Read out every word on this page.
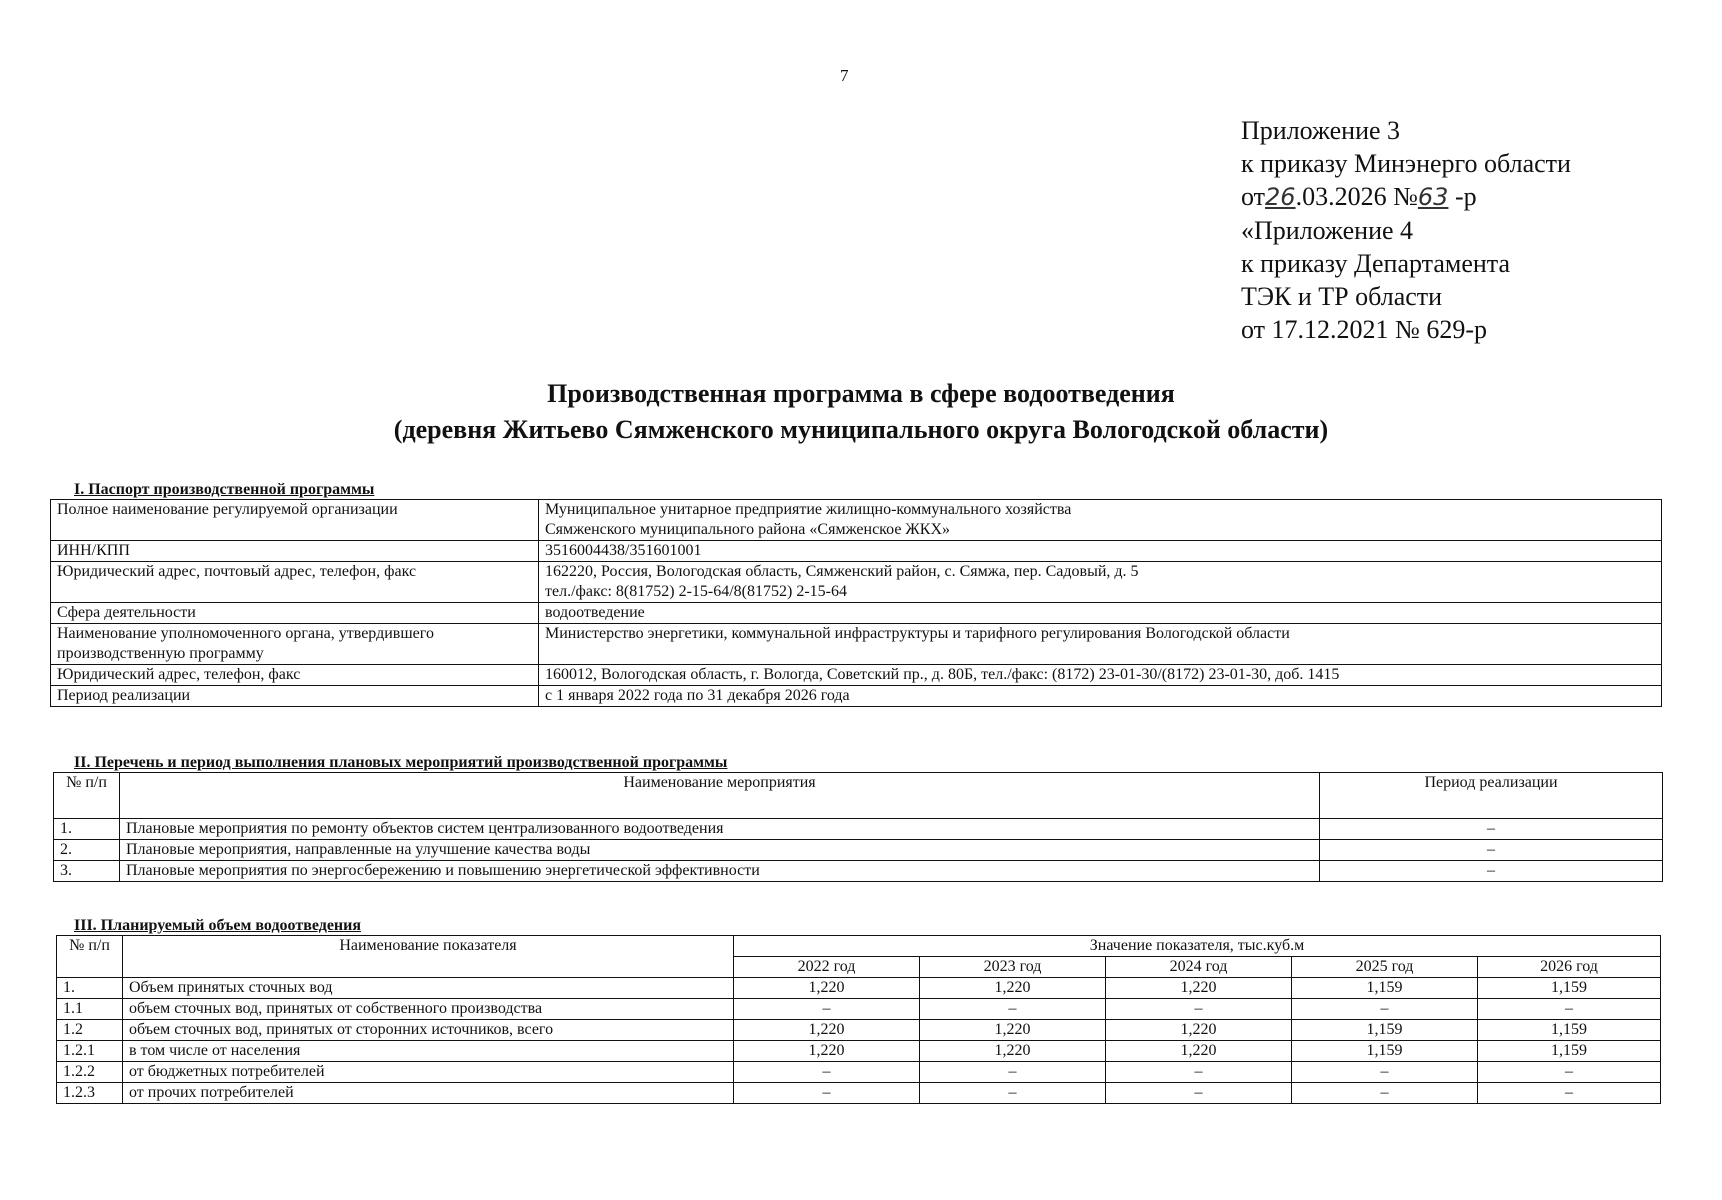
7
Приложение 3
к приказу Минэнерго области
от26.03.2026 №63 -р
«Приложение 4
к приказу Департамента
ТЭК и ТР области
от 17.12.2021 № 629-р
Производственная программа в сфере водоотведения
(деревня Житьево Сямженского муниципального округа Вологодской области)
I. Паспорт производственной программы
Полное наименование регулируемой организации	Муниципальное унитарное предприятие жилищно-коммунального хозяйства
Сямженского муниципального района «Сямженское ЖКХ»

ИНН/КПП	3516004438/351601001
Юридический адрес, почтовый адрес, телефон, факс	162220, Россия, Вологодская область, Сямженский район, с. Сямжа, пер. Садовый, д. 5
тел./факс: 8(81752) 2-15-64/8(81752) 2-15-64

Сфера деятельности	водоотведение
Наименование уполномоченного органа, утвердившего производственную программу	Министерство энергетики, коммунальной инфраструктуры и тарифного регулирования Вологодской области
Юридический адрес, телефон, факс	160012, Вологодская область, г. Вологда, Советский пр., д. 80Б, тел./факс: (8172) 23-01-30/(8172) 23-01-30, доб. 1415
Период реализации	с 1 января 2022 года по 31 декабря 2026 года
II. Перечень и период выполнения плановых мероприятий производственной программы
№ п/п	Наименование мероприятия	Период реализации
1.	Плановые мероприятия по ремонту объектов систем централизованного водоотведения	–
2.	Плановые мероприятия, направленные на улучшение качества воды	–
3.	Плановые мероприятия по энергосбережению и повышению энергетической эффективности	–
III. Планируемый объем водоотведения
№ п/п	Наименование показателя	Значение показателя, тыс.куб.м				
		2022 год	2023 год	2024 год	2025 год	2026 год
1.	Объем принятых сточных вод	1,220	1,220	1,220	1,159	1,159
1.1	объем сточных вод, принятых от собственного производства	–	–	–	–	–
1.2	объем сточных вод, принятых от сторонних источников, всего	1,220	1,220	1,220	1,159	1,159
1.2.1	в том числе от населения	1,220	1,220	1,220	1,159	1,159
1.2.2	от бюджетных потребителей	–	–	–	–	–
1.2.3	от прочих потребителей	–	–	–	–	–
